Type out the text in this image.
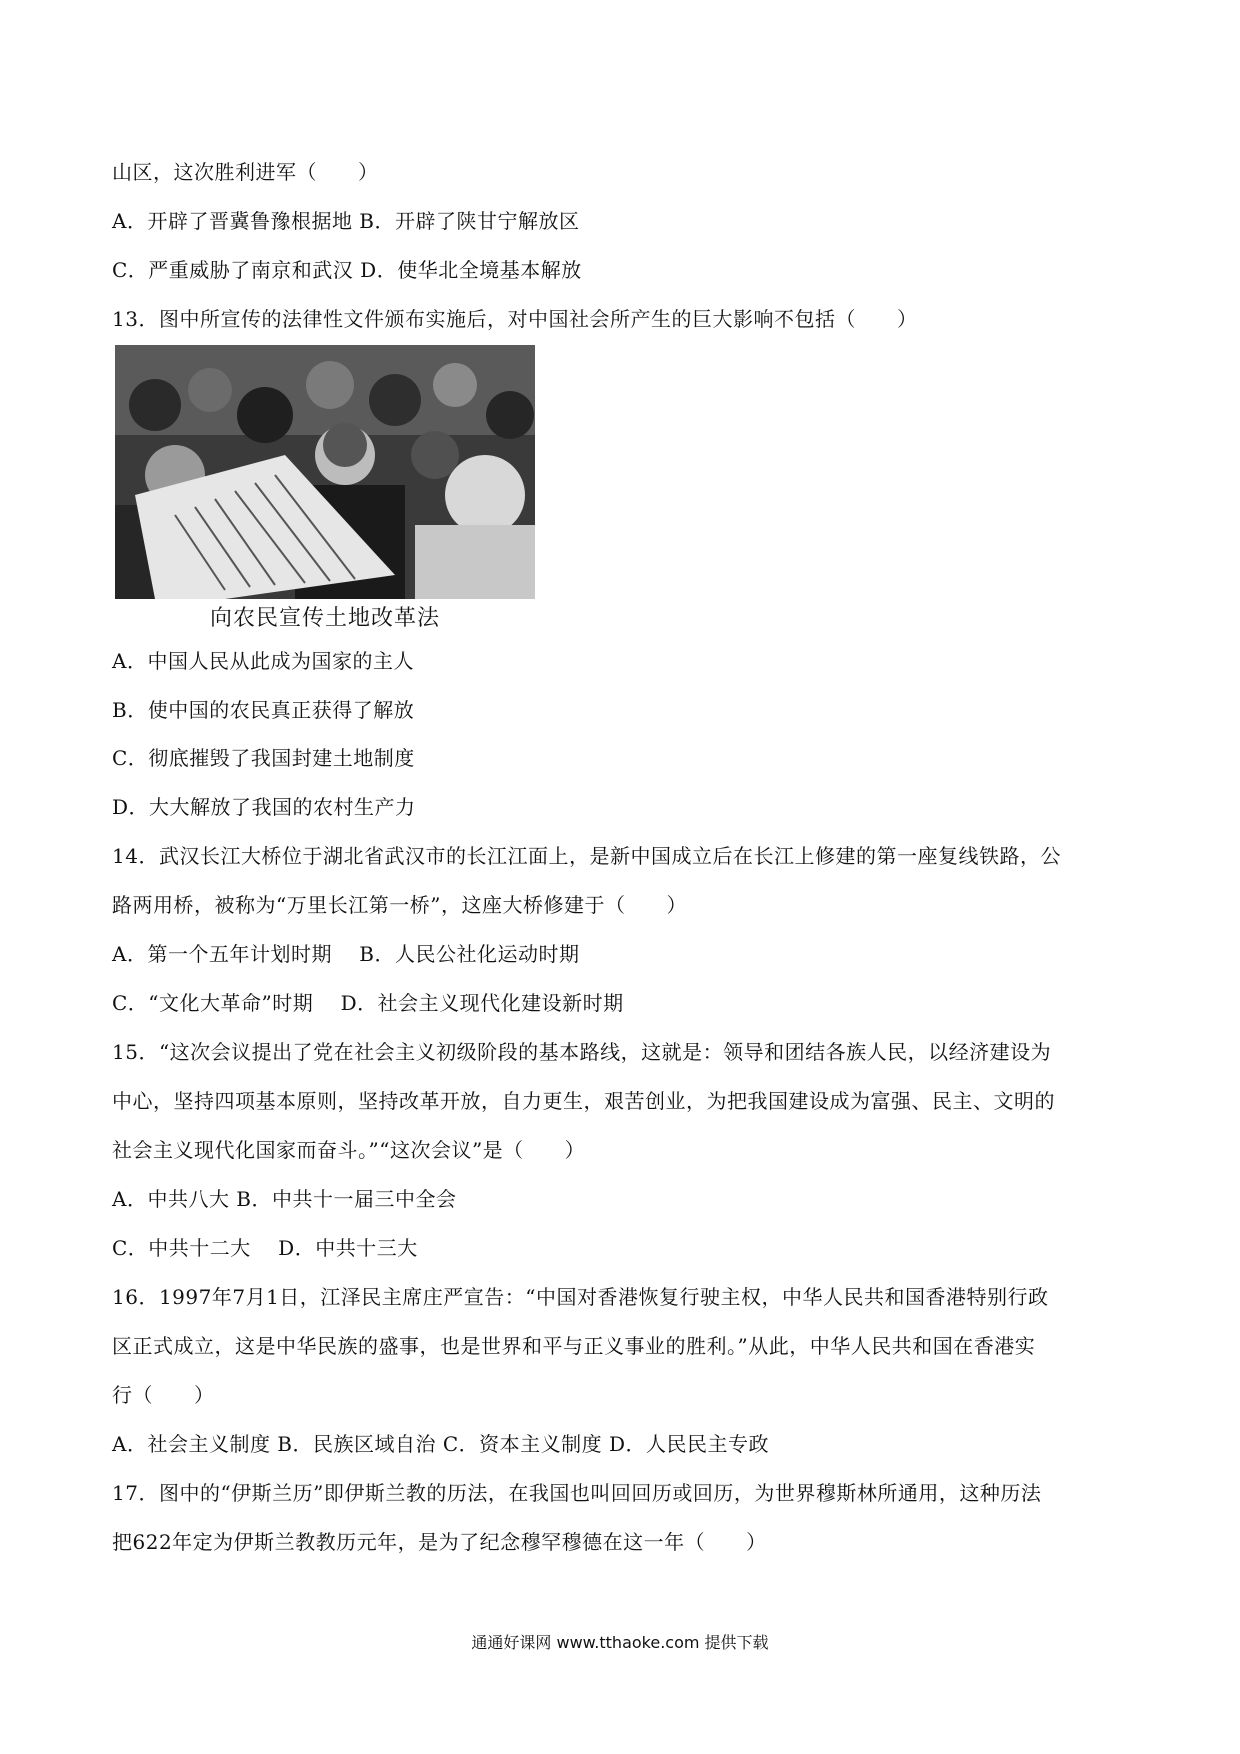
山区，这次胜利进军（　　）
A．开辟了晋冀鲁豫根据地 B．开辟了陕甘宁解放区
C．严重威胁了南京和武汉 D．使华北全境基本解放
13．图中所宣传的法律性文件颁布实施后，对中国社会所产生的巨大影响不包括（　　）
向农民宣传土地改革法
A．中国人民从此成为国家的主人
B．使中国的农民真正获得了解放
C．彻底摧毁了我国封建土地制度
D．大大解放了我国的农村生产力
14．武汉长江大桥位于湖北省武汉市的长江江面上，是新中国成立后在长江上修建的第一座复线铁路，公
路两用桥，被称为“万里长江第一桥”，这座大桥修建于（　　）
A．第一个五年计划时期　 B．人民公社化运动时期
C．“文化大革命”时期　 D．社会主义现代化建设新时期
15．“这次会议提出了党在社会主义初级阶段的基本路线，这就是：领导和团结各族人民，以经济建设为
中心，坚持四项基本原则，坚持改革开放，自力更生，艰苦创业，为把我国建设成为富强、民主、文明的
社会主义现代化国家而奋斗。”“这次会议”是（　　）
A．中共八大 B．中共十一届三中全会
C．中共十二大　 D．中共十三大
16．1997年7月1日，江泽民主席庄严宣告：“中国对香港恢复行驶主权，中华人民共和国香港特别行政
区正式成立，这是中华民族的盛事，也是世界和平与正义事业的胜利。”从此，中华人民共和国在香港实
行（　　）
A．社会主义制度 B．民族区域自治 C．资本主义制度 D．人民民主专政
17．图中的“伊斯兰历”即伊斯兰教的历法，在我国也叫回回历或回历，为世界穆斯林所通用，这种历法
把622年定为伊斯兰教教历元年，是为了纪念穆罕穆德在这一年（　　）
通通好课网 www.tthaoke.com 提供下载
